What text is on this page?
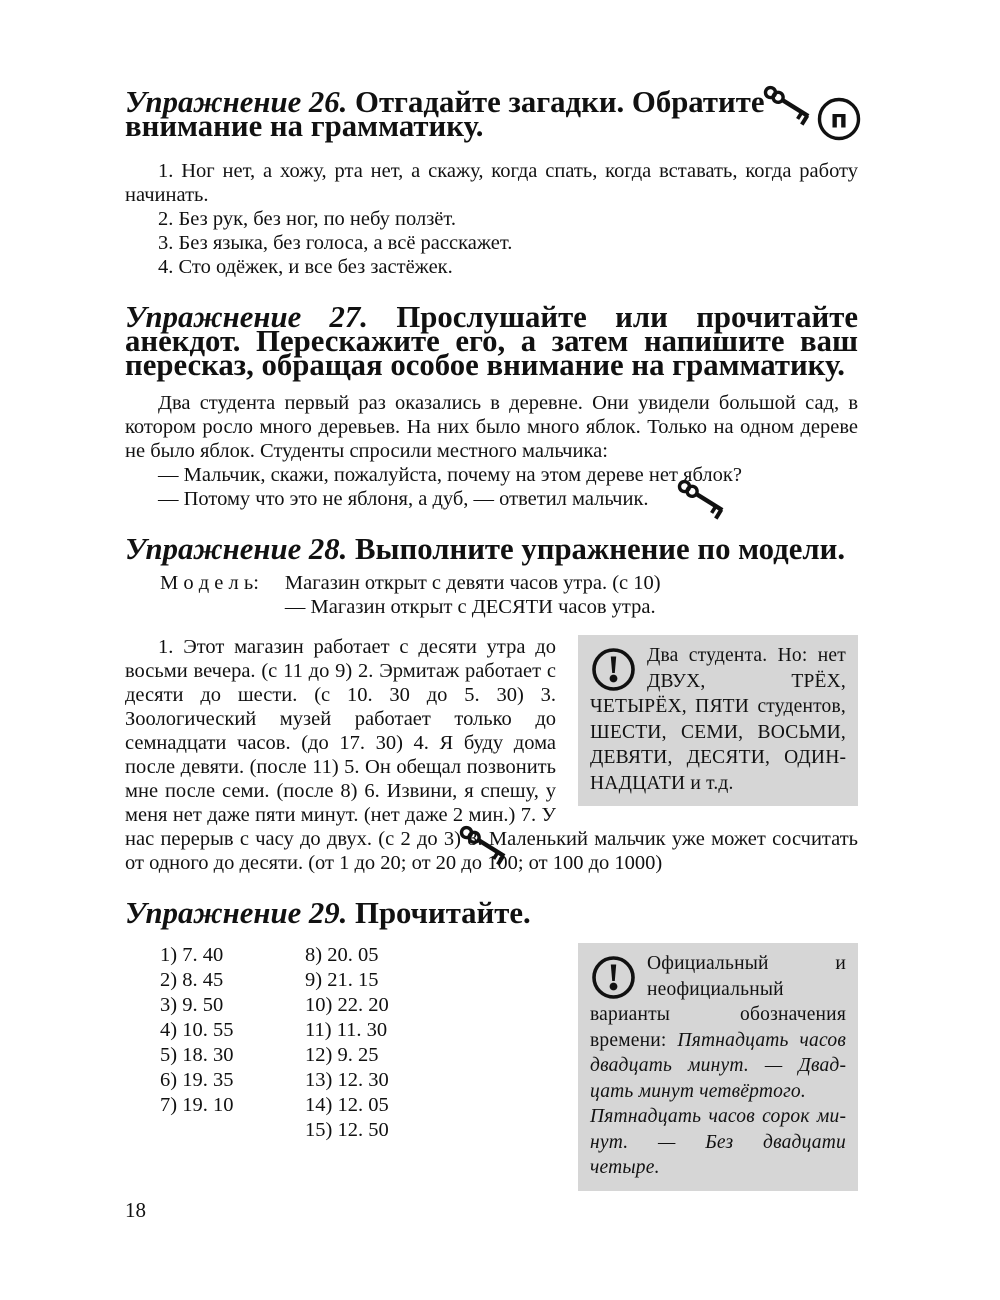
п
Упражнение 26. Отгадайте загадки. Обратите внимание на грамматику.

1. Ног нет, а хожу, рта нет, а скажу, когда спать, когда вставать, когда работу начинать.

2. Без рук, без ног, по небу ползёт.

3. Без языка, без голоса, а всё расскажет.

4. Сто одёжек, и все без застёжек.

Упражнение 27. Прослушайте или прочитайте анекдот. Перескажите его, а затем напишите ваш пересказ, обращая особое внимание на грамматику.

Два студента первый раз оказались в деревне. Они увидели большой сад, в котором росло много деревьев. На них было много яблок. Только на одном дереве не было яблок. Студенты спросили местного мальчика:

— Мальчик, скажи, пожалуйста, почему на этом дереве нет яблок?

— Потому что это не яблоня, а дуб, — ответил мальчик.

Упражнение 28. Выполните упражнение по модели.
М о д е л ь: Магазин открыт с девяти часов утра. (с 10)
— Магазин открыт с ДЕСЯТИ часов утра.
Два студента. Но: нет ДВУХ, ТРЁХ, ЧЕТЫРЁХ, ПЯТИ студентов, ШЕСТИ, СЕМИ, ВОСЬМИ, ДЕВЯТИ, ДЕСЯТИ, ОДИННАДЦАТИ и т.д.

1. Этот магазин работает с десяти утра до восьми вечера. (с 11 до 9) 2. Эрмитаж работает с десяти до шести. (с 10. 30 до 5. 30) 3. Зоологический музей работает только до семнадцати часов. (до 17. 30) 4. Я буду дома после девяти. (после 11) 5. Он обещал позвонить мне после семи. (после 8) 6. Извини, я спешу, у меня нет даже пяти минут. (нет даже 2 мин.) 7. У нас перерыв с часу до двух. (с 2 до 3) 8. Маленький мальчик уже может сосчитать от одного до десяти. (от 1 до 20; от 20 до 100; от 100 до 1000)

Упражнение 29. Прочитайте.
1) 7. 40
2) 8. 45
3) 9. 50
4) 10. 55
5) 18. 30
6) 19. 35
7) 19. 10
8) 20. 05
9) 21. 15
10) 22. 20
11) 11. 30
12) 9. 25
13) 12. 30
14) 12. 05
15) 12. 50
Официальный и неофициальный варианты обозначения времени: Пятнадцать часов двадцать минут. — Двадцать минут четвёртого.
Пятнадцать часов сорок минут. — Без двадцати четыре.
18
